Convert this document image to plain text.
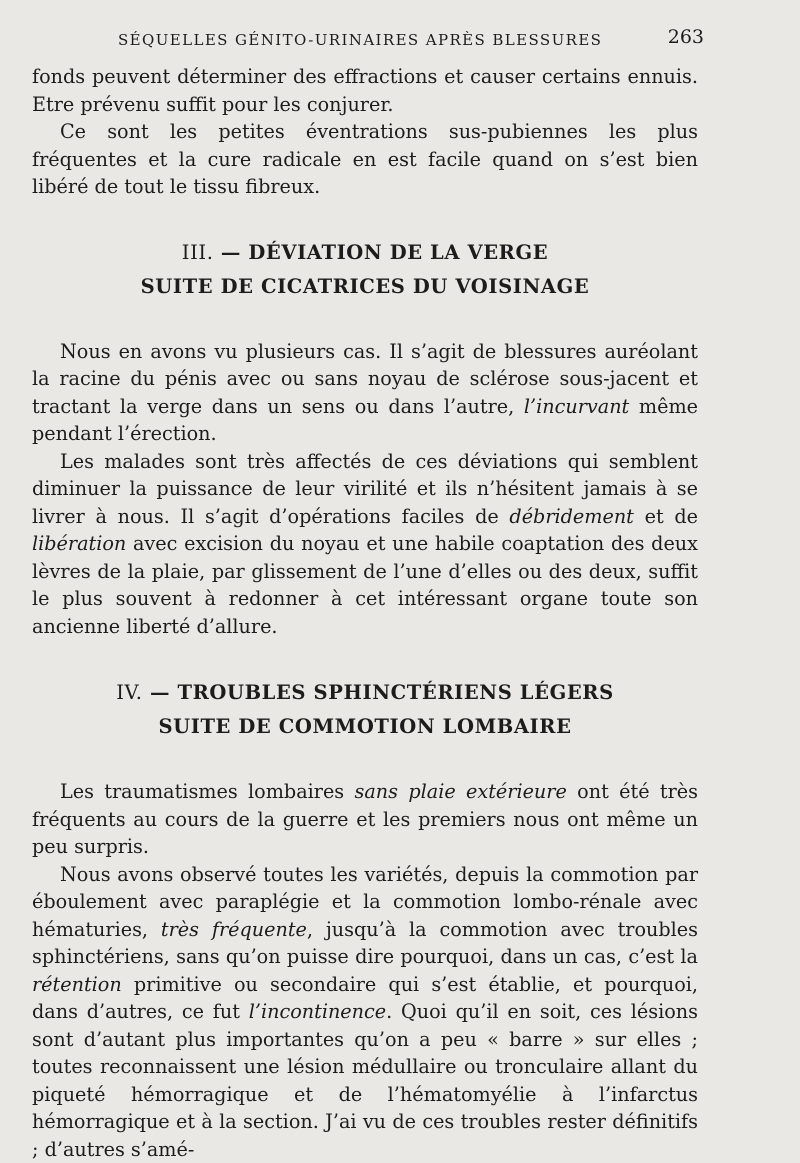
SÉQUELLES GÉNITO-URINAIRES APRÈS BLESSURES	263

fonds peuvent déterminer des effractions et causer certains ennuis. Etre prévenu suffit pour les conjurer.

Ce sont les petites éventrations sus-pubiennes les plus fréquentes et la cure radicale en est facile quand on s’est bien libéré de tout le tissu fibreux.

III. — DÉVIATION DE LA VERGE
SUITE DE CICATRICES DU VOISINAGE

Nous en avons vu plusieurs cas. Il s’agit de blessures auréolant la racine du pénis avec ou sans noyau de sclérose sous-jacent et tractant la verge dans un sens ou dans l’autre, l’incurvant même pendant l’érection.

Les malades sont très affectés de ces déviations qui semblent diminuer la puissance de leur virilité et ils n’hésitent jamais à se livrer à nous. Il s’agit d’opérations faciles de débridement et de libération avec excision du noyau et une habile coaptation des deux lèvres de la plaie, par glissement de l’une d’elles ou des deux, suffit le plus souvent à redonner à cet intéressant organe toute son ancienne liberté d’allure.

IV. — TROUBLES SPHINCTÉRIENS LÉGERS
SUITE DE COMMOTION LOMBAIRE

Les traumatismes lombaires sans plaie extérieure ont été très fréquents au cours de la guerre et les premiers nous ont même un peu surpris.

Nous avons observé toutes les variétés, depuis la commotion par éboulement avec paraplégie et la commotion lombo-rénale avec hématuries, très fréquente, jusqu’à la commotion avec troubles sphinctériens, sans qu’on puisse dire pourquoi, dans un cas, c’est la rétention primitive ou secondaire qui s’est établie, et pourquoi, dans d’autres, ce fut l’incontinence. Quoi qu’il en soit, ces lésions sont d’autant plus importantes qu’on a peu « barre » sur elles ; toutes reconnaissent une lésion médullaire ou tronculaire allant du piqueté hémorragique et de l’hématomyélie à l’infarctus hémorragique et à la section. J’ai vu de ces troubles rester définitifs ; d’autres s’amé-
